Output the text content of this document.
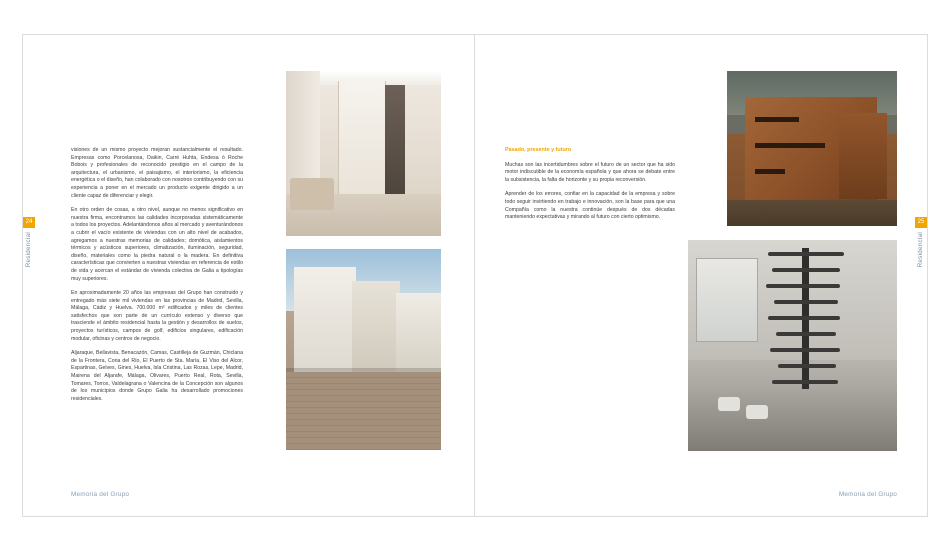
24
Residencial

visiones de un mismo proyecto mejoran sustancialmente el resultado. Empresas como Porcelanosa, Daikin, Carré Huhta, Endesa ó Roche Bobois y profesionales de reconocido prestigio en el campo de la arquitectura, el urbanismo, el paisajismo, el interiorismo, la eficiencia energética o el diseño, han colaborado con nosotros contribuyendo con su experiencia a poner en el mercado un producto exigente dirigido a un cliente capaz de diferenciar y elegir.

En otro orden de cosas, a otro nivel, aunque no menos significativo en nuestra firma, encontramos las calidades incorporadas sistemáticamente a todos los proyectos. Adelantándonos años al mercado y aventurándonos a cubrir el vacío existente de viviendas con un alto nivel de acabados, agregamos a nuestras memorias de calidades; domótica, aislamientos térmicos y acústicos superiores, climatización, iluminación, seguridad, diseño, materiales como la piedra natural o la madera. En definitiva características que convierten a nuestras viviendas en referencia de estilo de vida y acercan el estándar de vivienda colectiva de Galia a tipologías muy superiores.

En aproximadamente 20 años las empresas del Grupo han construido y entregado más siete mil viviendas en las provincias de Madrid, Sevilla, Málaga, Cádiz y Huelva. 700.000 m² edificados y miles de clientes satisfechos que son parte de un currículo extenso y diverso que trasciende el ámbito residencial hasta la gestión y desarrollos de suelos, proyectos turísticos, campos de golf, edificios singulares, edificación modular, oficinas y centros de negocio.

Aljaraque, Bellavista, Benacazón, Camas, Castilleja de Guzmán, Chiclana de la Frontera, Coria del Río, El Puerto de Sta. María, El Viso del Alcor, Espartinas, Gelves, Gines, Huelva, Isla Cristina, Las Rozas, Lepe, Madrid, Mairena del Aljarafe, Málaga, Olivares, Puerto Real, Rota, Sevilla, Tomares, Torrox, Valdelagrana o Valencina de la Concepción son algunos de los municipios donde Grupo Galia ha desarrollado promociones residenciales.

Memoria del Grupo
25
Residencial

Pasado, presente y futuro

Muchas son las incertidumbres sobre el futuro de un sector que ha sido motor indiscutible de la economía española y que ahora se debate entre la subsistencia, la falta de horizonte y su propia reconversión.

Aprender de los errores, confiar en la capacidad de la empresa y sobre todo seguir invirtiendo en trabajo e innovación, son la base para que una Compañía como la nuestra continúe después de dos décadas manteniendo expectativas y mirando al futuro con cierto optimismo.

Memoria del Grupo
